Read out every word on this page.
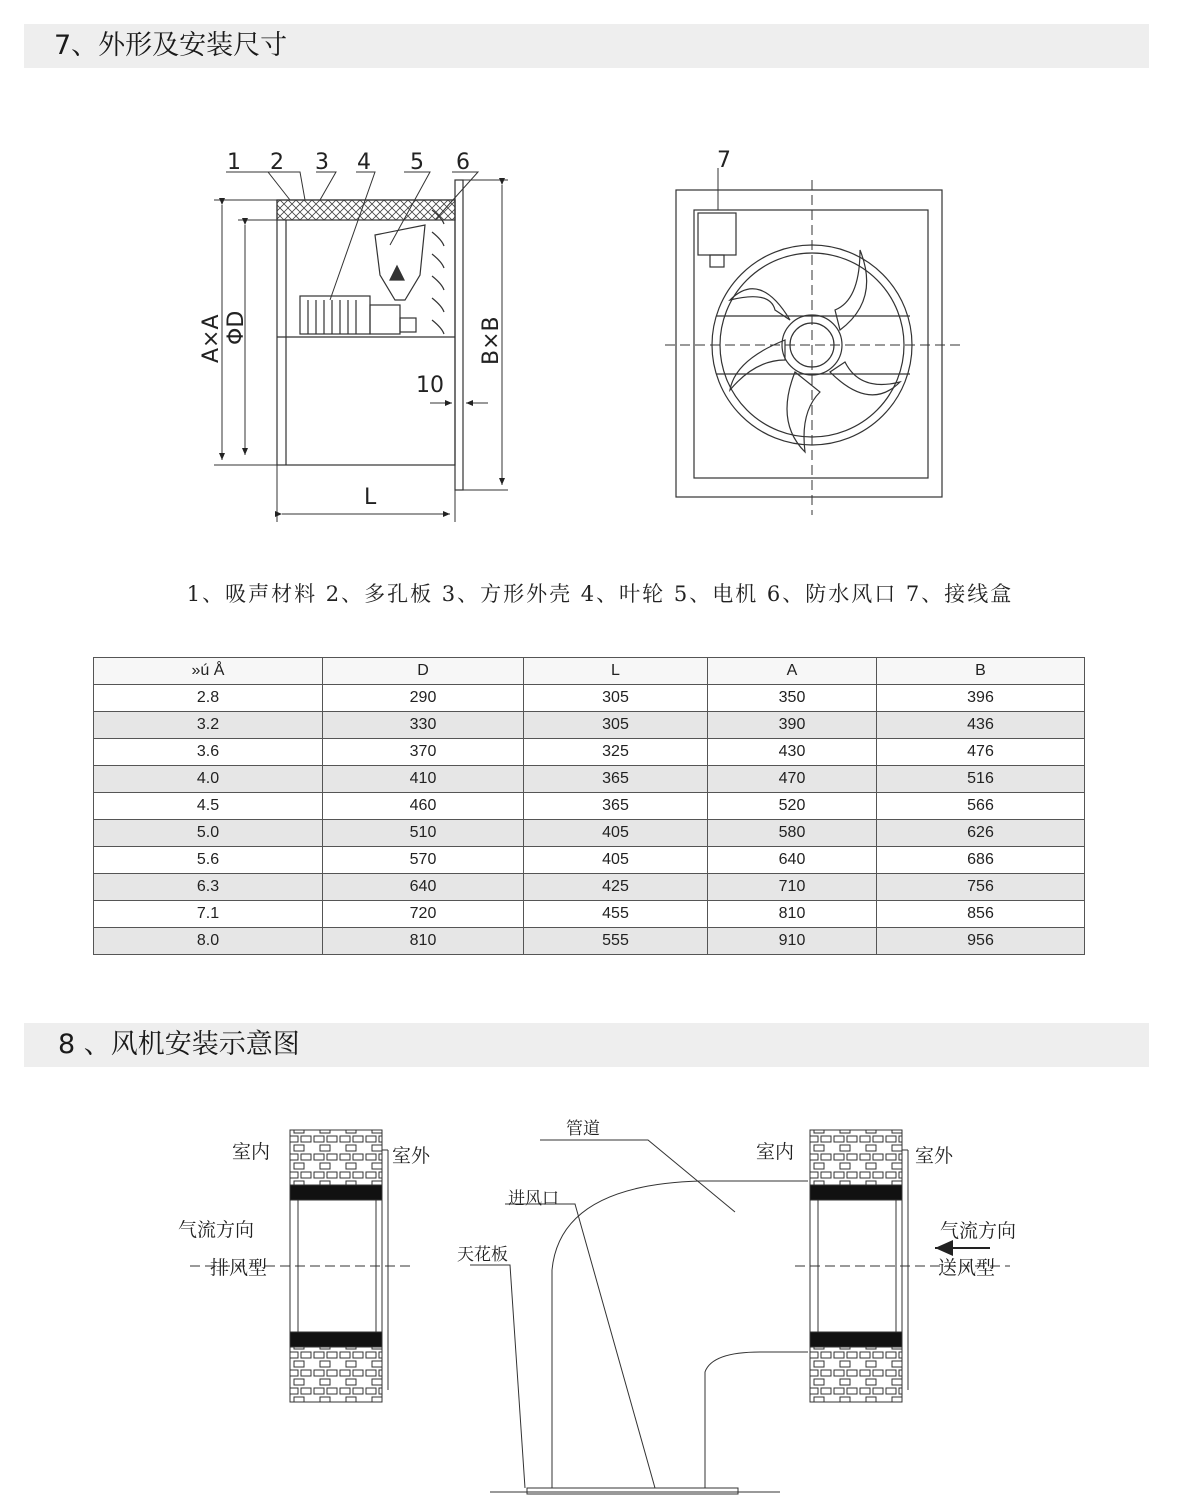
7、外形及安装尺寸
1 2 3 4 5 6
A×A ΦD	B×B
10
L
7
1、吸声材料 2、多孔板 3、方形外壳 4、叶轮 5、电机 6、防水风口 7、接线盒
»ú Å	D	L	A	B
2.8	290	305	350	396
3.2	330	305	390	436
3.6	370	325	430	476
4.0	410	365	470	516
4.5	460	365	520	566
5.0	510	405	580	626
5.6	570	405	640	686
6.3	640	425	710	756
7.1	720	455	810	856
8.0	810	555	910	956
8 、风机安装示意图
室内	室外
气流方向
排风型
管道
进风口
天花板
室内	室外
气流方向
送风型
